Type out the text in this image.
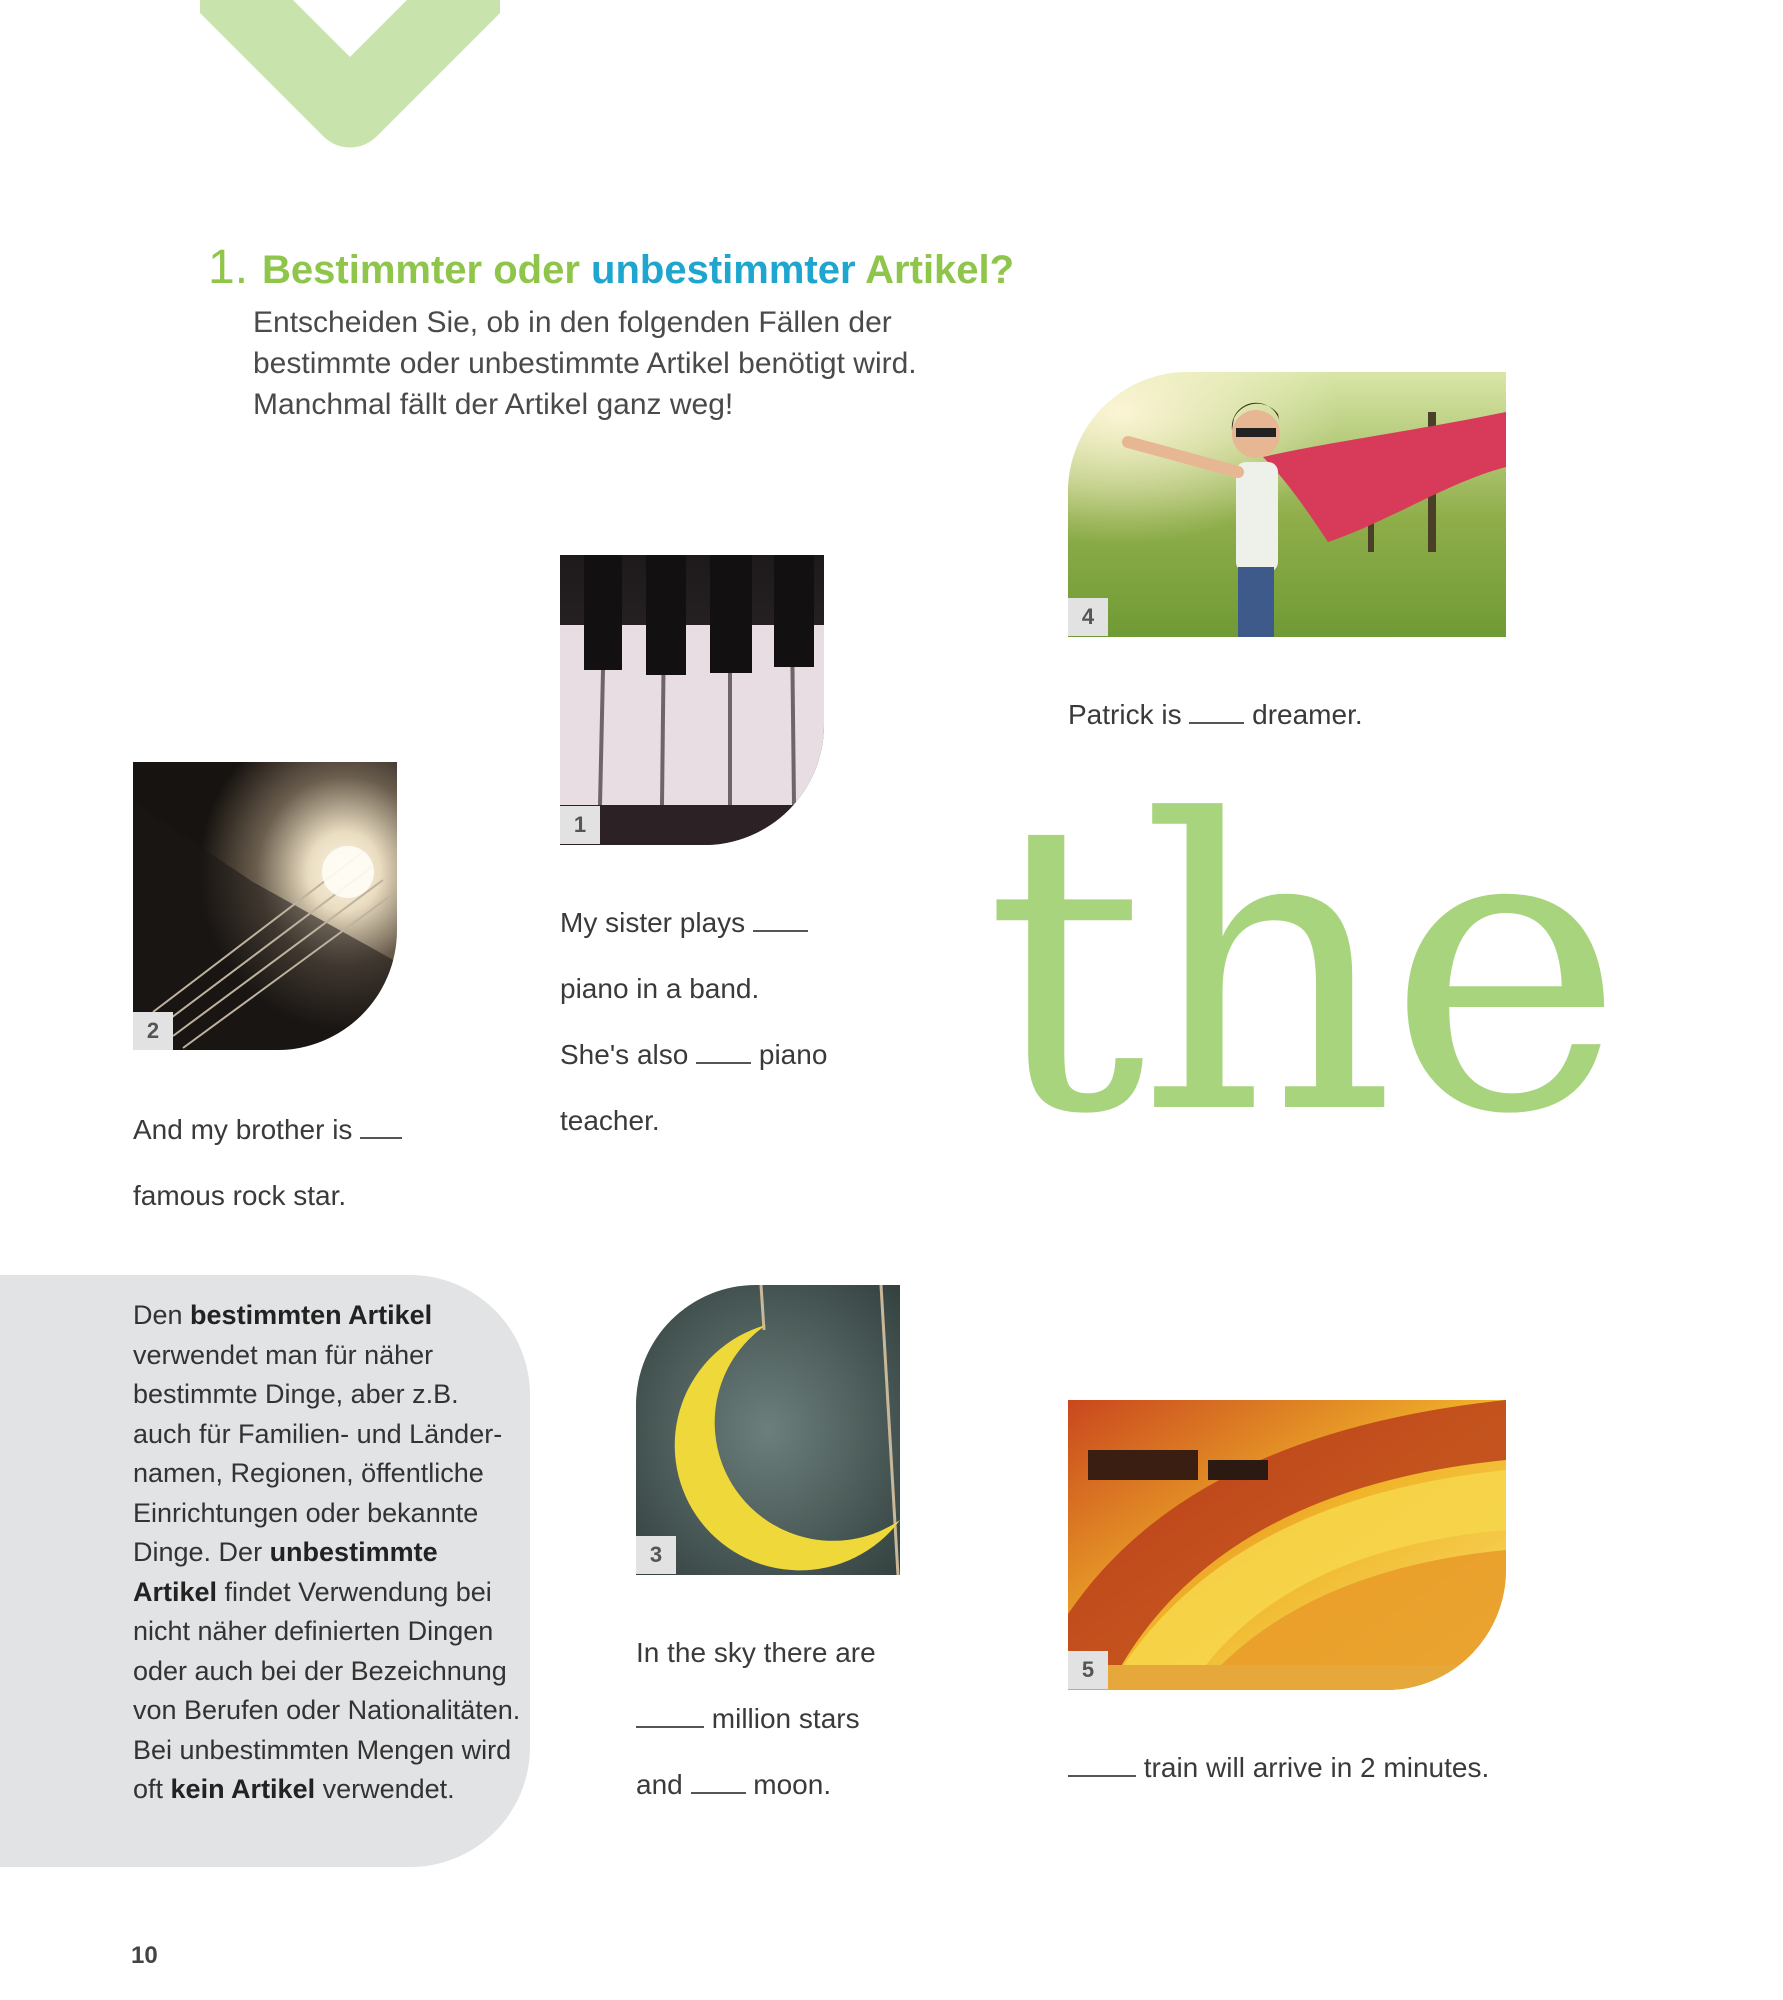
1. Bestimmter oder unbestimmter Artikel?
Entscheiden Sie, ob in den folgenden Fällen der
bestimmte oder unbestimmte Artikel benötigt wird.
Manchmal fällt der Artikel ganz weg!
1
2
3
4
5
My sister plays
piano in a band.
She's also	piano
teacher.
And my brother is
famous rock star.
In the sky there are
million stars
and	moon.
Patrick is	dreamer.
train will arrive in 2 minutes.
the
Den bestimmten Artikel verwendet man für näher bestimmte Dinge, aber z.B. auch für Familien- und Ländernamen, Regionen, öffentliche Einrichtungen oder bekannte Dinge. Der unbestimmte Artikel findet Verwendung bei nicht näher definierten Dingen oder auch bei der Bezeichnung von Berufen oder Nationalitäten. Bei unbestimmten Mengen wird oft kein Artikel verwendet.
10
